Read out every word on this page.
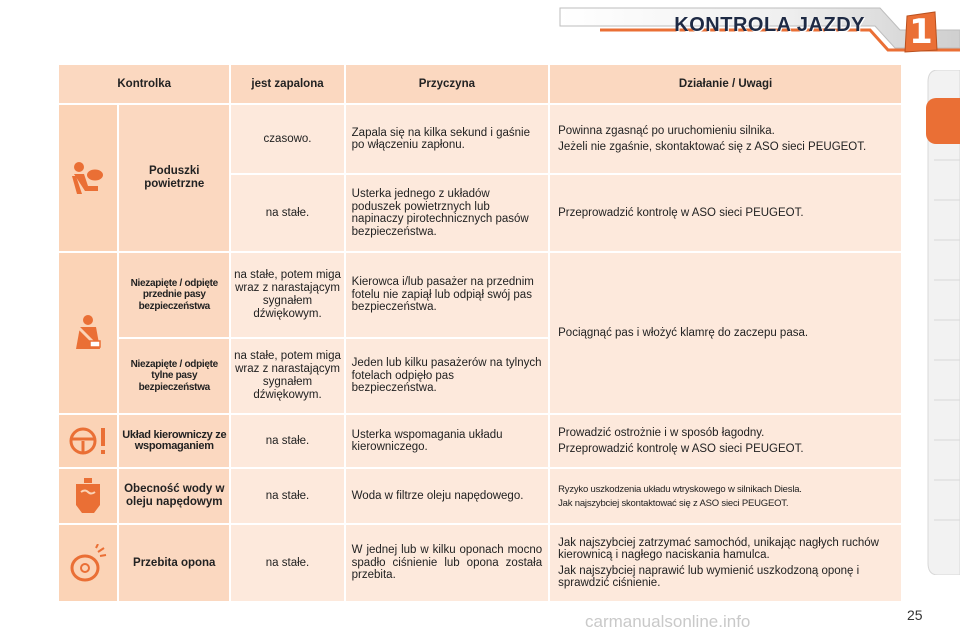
KONTROLA JAZDY 1
Kontrolka		jest zapalona	Przyczyna	Działanie / Uwagi

	Poduszki powietrzne	czasowo.	Zapala się na kilka sekund i gaśnie po włączeniu zapłonu.	Powinna zgasnąć po uruchomieniu silnika.

Jeżeli nie zgaśnie, skontaktować się z ASO sieci PEUGEOT.

		na stałe.	Usterka jednego z układów poduszek powietrznych lub napinaczy pirotechnicznych pasów bezpieczeństwa.	Przeprowadzić kontrolę w ASO sieci PEUGEOT.

	Niezapięte / odpięte przednie pasy bezpieczeństwa	na stałe, potem miga wraz z narastającym sygnałem dźwiękowym.	Kierowca i/lub pasażer na przednim fotelu nie zapiął lub odpiął swój pas bezpieczeństwa.	Pociągnąć pas i włożyć klamrę do zaczepu pasa.

	Niezapięte / odpięte tylne pasy bezpieczeństwa	na stałe, potem miga wraz z narastającym sygnałem dźwiękowym.	Jeden lub kilku pasażerów na tylnych fotelach odpięło pas bezpieczeństwa.	

	Układ kierowniczy ze wspomaganiem	na stałe.	Usterka wspomagania układu kierowniczego.	Prowadzić ostrożnie i w sposób łagodny.

Przeprowadzić kontrolę w ASO sieci PEUGEOT.

	Obecność wody w oleju napędowym	na stałe.	Woda w filtrze oleju napędowego.	Ryzyko uszkodzenia układu wtryskowego w silnikach Diesla.

Jak najszybciej skontaktować się z ASO sieci PEUGEOT.

	Przebita opona	na stałe.	W jednej lub w kilku oponach mocno spadło ciśnienie lub opona została przebita.	Jak najszybciej zatrzymać samochód, unikając nagłych ruchów kierownicą i nagłego naciskania hamulca.

Jak najszybciej naprawić lub wymienić uszkodzoną oponę i sprawdzić ciśnienie.

carmanualsonline.info	25
